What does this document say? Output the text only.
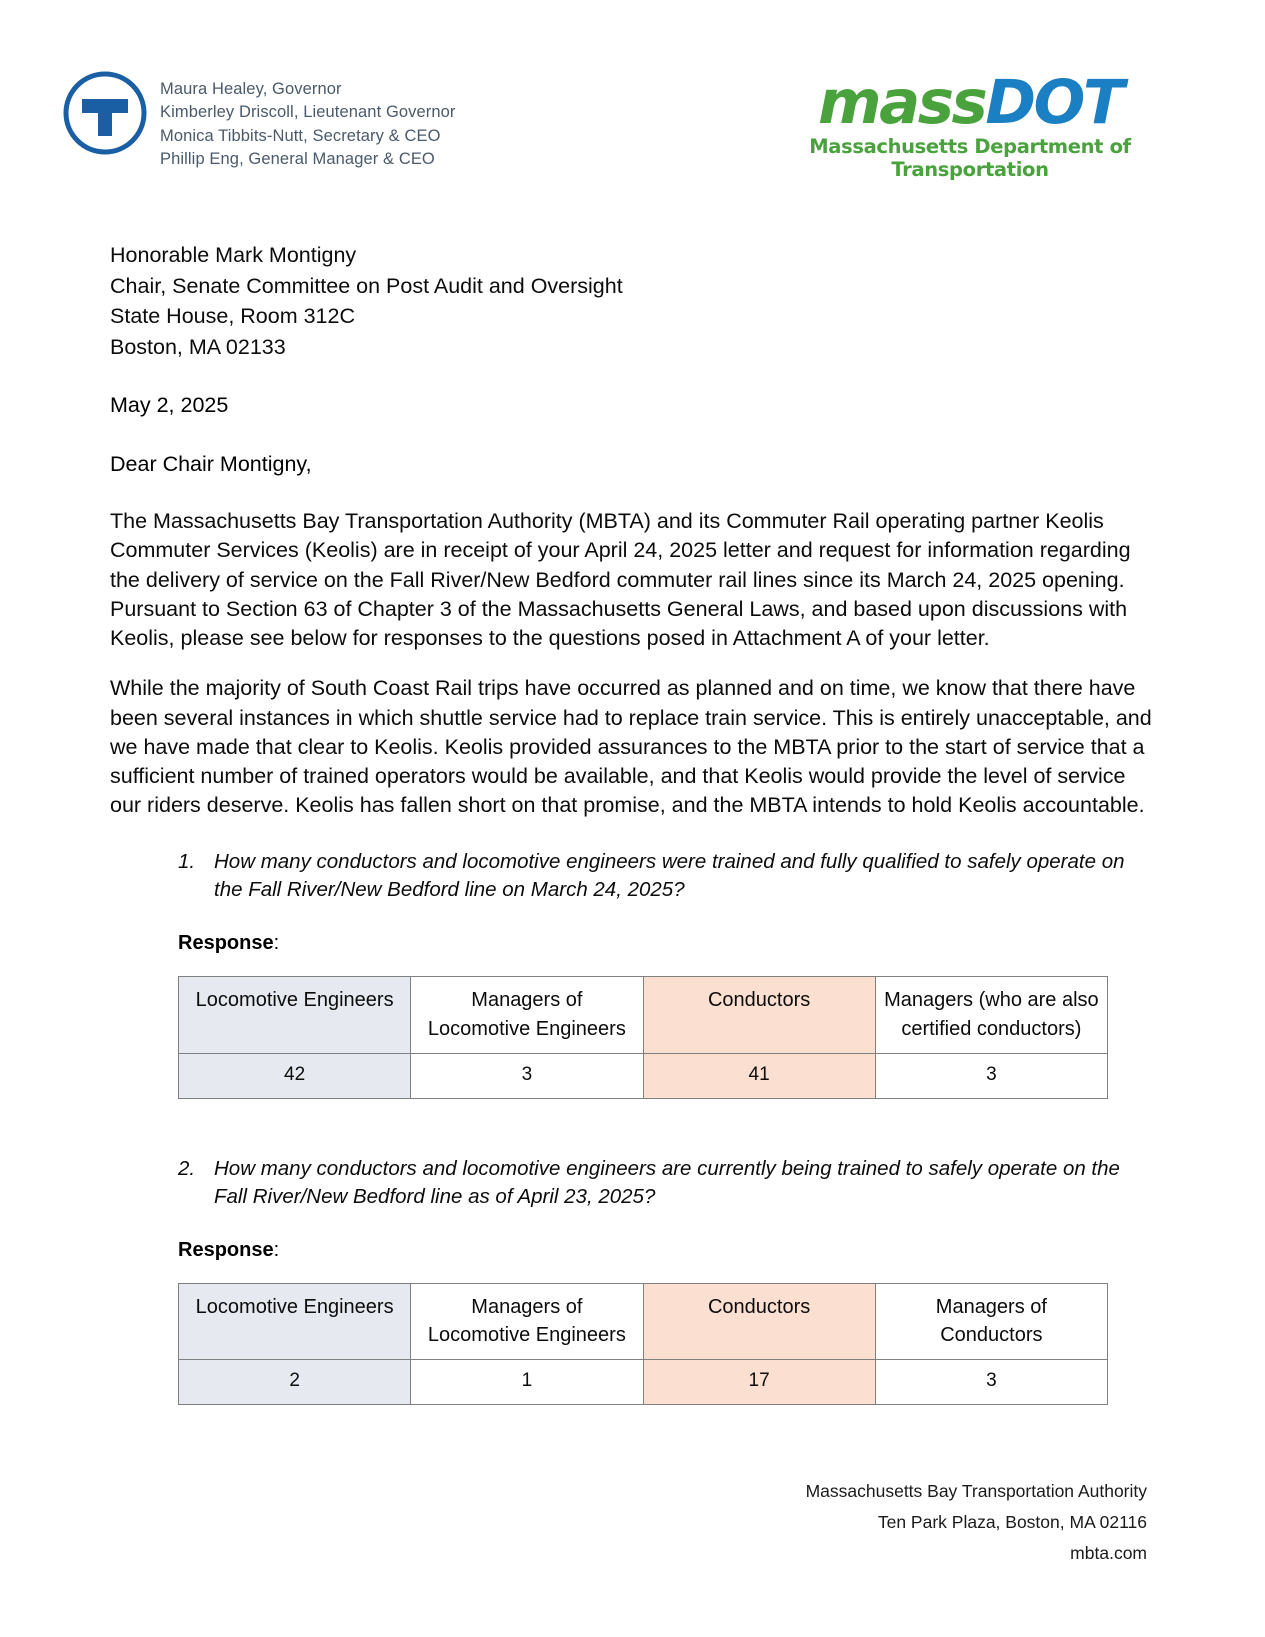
Maura Healey, Governor
Kimberley Driscoll, Lieutenant Governor
Monica Tibbits-Nutt, Secretary & CEO
Phillip Eng, General Manager & CEO
massDOT
Massachusetts Department of Transportation
Honorable Mark Montigny
Chair, Senate Committee on Post Audit and Oversight
State House, Room 312C
Boston, MA 02133
May 2, 2025
Dear Chair Montigny,

The Massachusetts Bay Transportation Authority (MBTA) and its Commuter Rail operating partner Keolis Commuter Services (Keolis) are in receipt of your April 24, 2025 letter and request for information regarding the delivery of service on the Fall River/New Bedford commuter rail lines since its March 24, 2025 opening. Pursuant to Section 63 of Chapter 3 of the Massachusetts General Laws, and based upon discussions with Keolis, please see below for responses to the questions posed in Attachment A of your letter.

While the majority of South Coast Rail trips have occurred as planned and on time, we know that there have been several instances in which shuttle service had to replace train service. This is entirely unacceptable, and we have made that clear to Keolis. Keolis provided assurances to the MBTA prior to the start of service that a sufficient number of trained operators would be available, and that Keolis would provide the level of service our riders deserve. Keolis has fallen short on that promise, and the MBTA intends to hold Keolis accountable.

1. How many conductors and locomotive engineers were trained and fully qualified to safely operate on the Fall River/New Bedford line on March 24, 2025?
Response:
Locomotive Engineers	Managers of Locomotive Engineers	Conductors	Managers (who are also certified conductors)
42	3	41	3
2. How many conductors and locomotive engineers are currently being trained to safely operate on the Fall River/New Bedford line as of April 23, 2025?
Response:
Locomotive Engineers	Managers of Locomotive Engineers	Conductors	Managers of Conductors
2	1	17	3
Massachusetts Bay Transportation Authority
Ten Park Plaza, Boston, MA 02116
mbta.com
